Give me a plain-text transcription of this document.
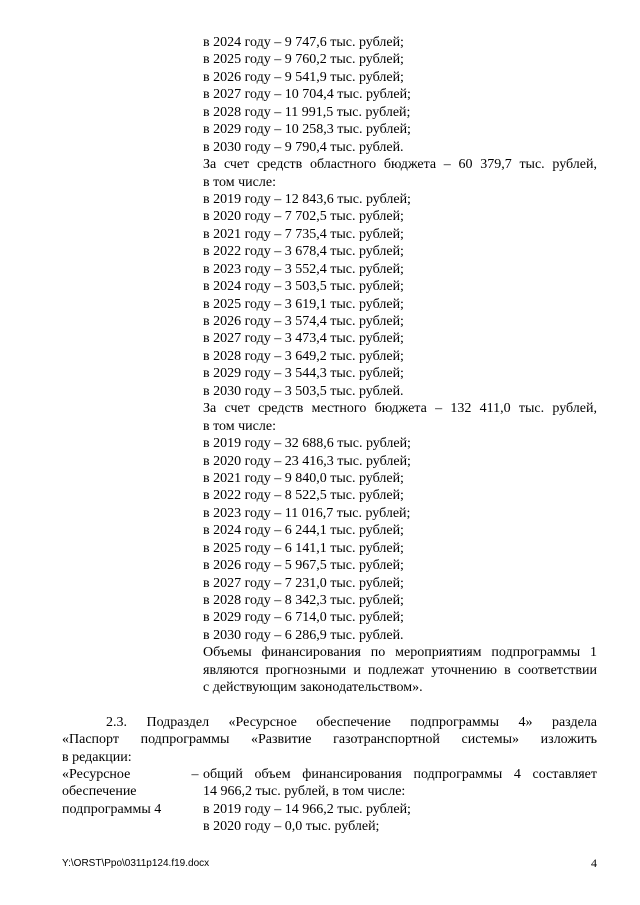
в 2024 году – 9 747,6 тыс. рублей;
в 2025 году – 9 760,2 тыс. рублей;
в 2026 году – 9 541,9 тыс. рублей;
в 2027 году – 10 704,4 тыс. рублей;
в 2028 году – 11 991,5 тыс. рублей;
в 2029 году – 10 258,3 тыс. рублей;
в 2030 году – 9 790,4 тыс. рублей.
За счет средств областного бюджета – 60 379,7 тыс. рублей,
в том числе:
в 2019 году – 12 843,6 тыс. рублей;
в 2020 году – 7 702,5 тыс. рублей;
в 2021 году – 7 735,4 тыс. рублей;
в 2022 году – 3 678,4 тыс. рублей;
в 2023 году – 3 552,4 тыс. рублей;
в 2024 году – 3 503,5 тыс. рублей;
в 2025 году – 3 619,1 тыс. рублей;
в 2026 году – 3 574,4 тыс. рублей;
в 2027 году – 3 473,4 тыс. рублей;
в 2028 году – 3 649,2 тыс. рублей;
в 2029 году – 3 544,3 тыс. рублей;
в 2030 году – 3 503,5 тыс. рублей.
За счет средств местного бюджета – 132 411,0 тыс. рублей,
в том числе:
в 2019 году – 32 688,6 тыс. рублей;
в 2020 году – 23 416,3 тыс. рублей;
в 2021 году – 9 840,0 тыс. рублей;
в 2022 году – 8 522,5 тыс. рублей;
в 2023 году – 11 016,7 тыс. рублей;
в 2024 году – 6 244,1 тыс. рублей;
в 2025 году – 6 141,1 тыс. рублей;
в 2026 году – 5 967,5 тыс. рублей;
в 2027 году – 7 231,0 тыс. рублей;
в 2028 году – 8 342,3 тыс. рублей;
в 2029 году – 6 714,0 тыс. рублей;
в 2030 году – 6 286,9 тыс. рублей.
Объемы финансирования по мероприятиям подпрограммы 1
являются прогнозными и подлежат уточнению в соответствии
с действующим законодательством».
2.3. Подраздел «Ресурсное обеспечение подпрограммы 4» раздела
«Паспорт подпрограммы «Развитие газотранспортной системы» изложить
в редакции:
«Ресурсное
обеспечение
подпрограммы 4
– общий объем финансирования подпрограммы 4 составляет
14 966,2 тыс. рублей, в том числе:
в 2019 году – 14 966,2 тыс. рублей;
в 2020 году – 0,0 тыс. рублей;
Y:\ORST\Ppo\0311p124.f19.docx	4
